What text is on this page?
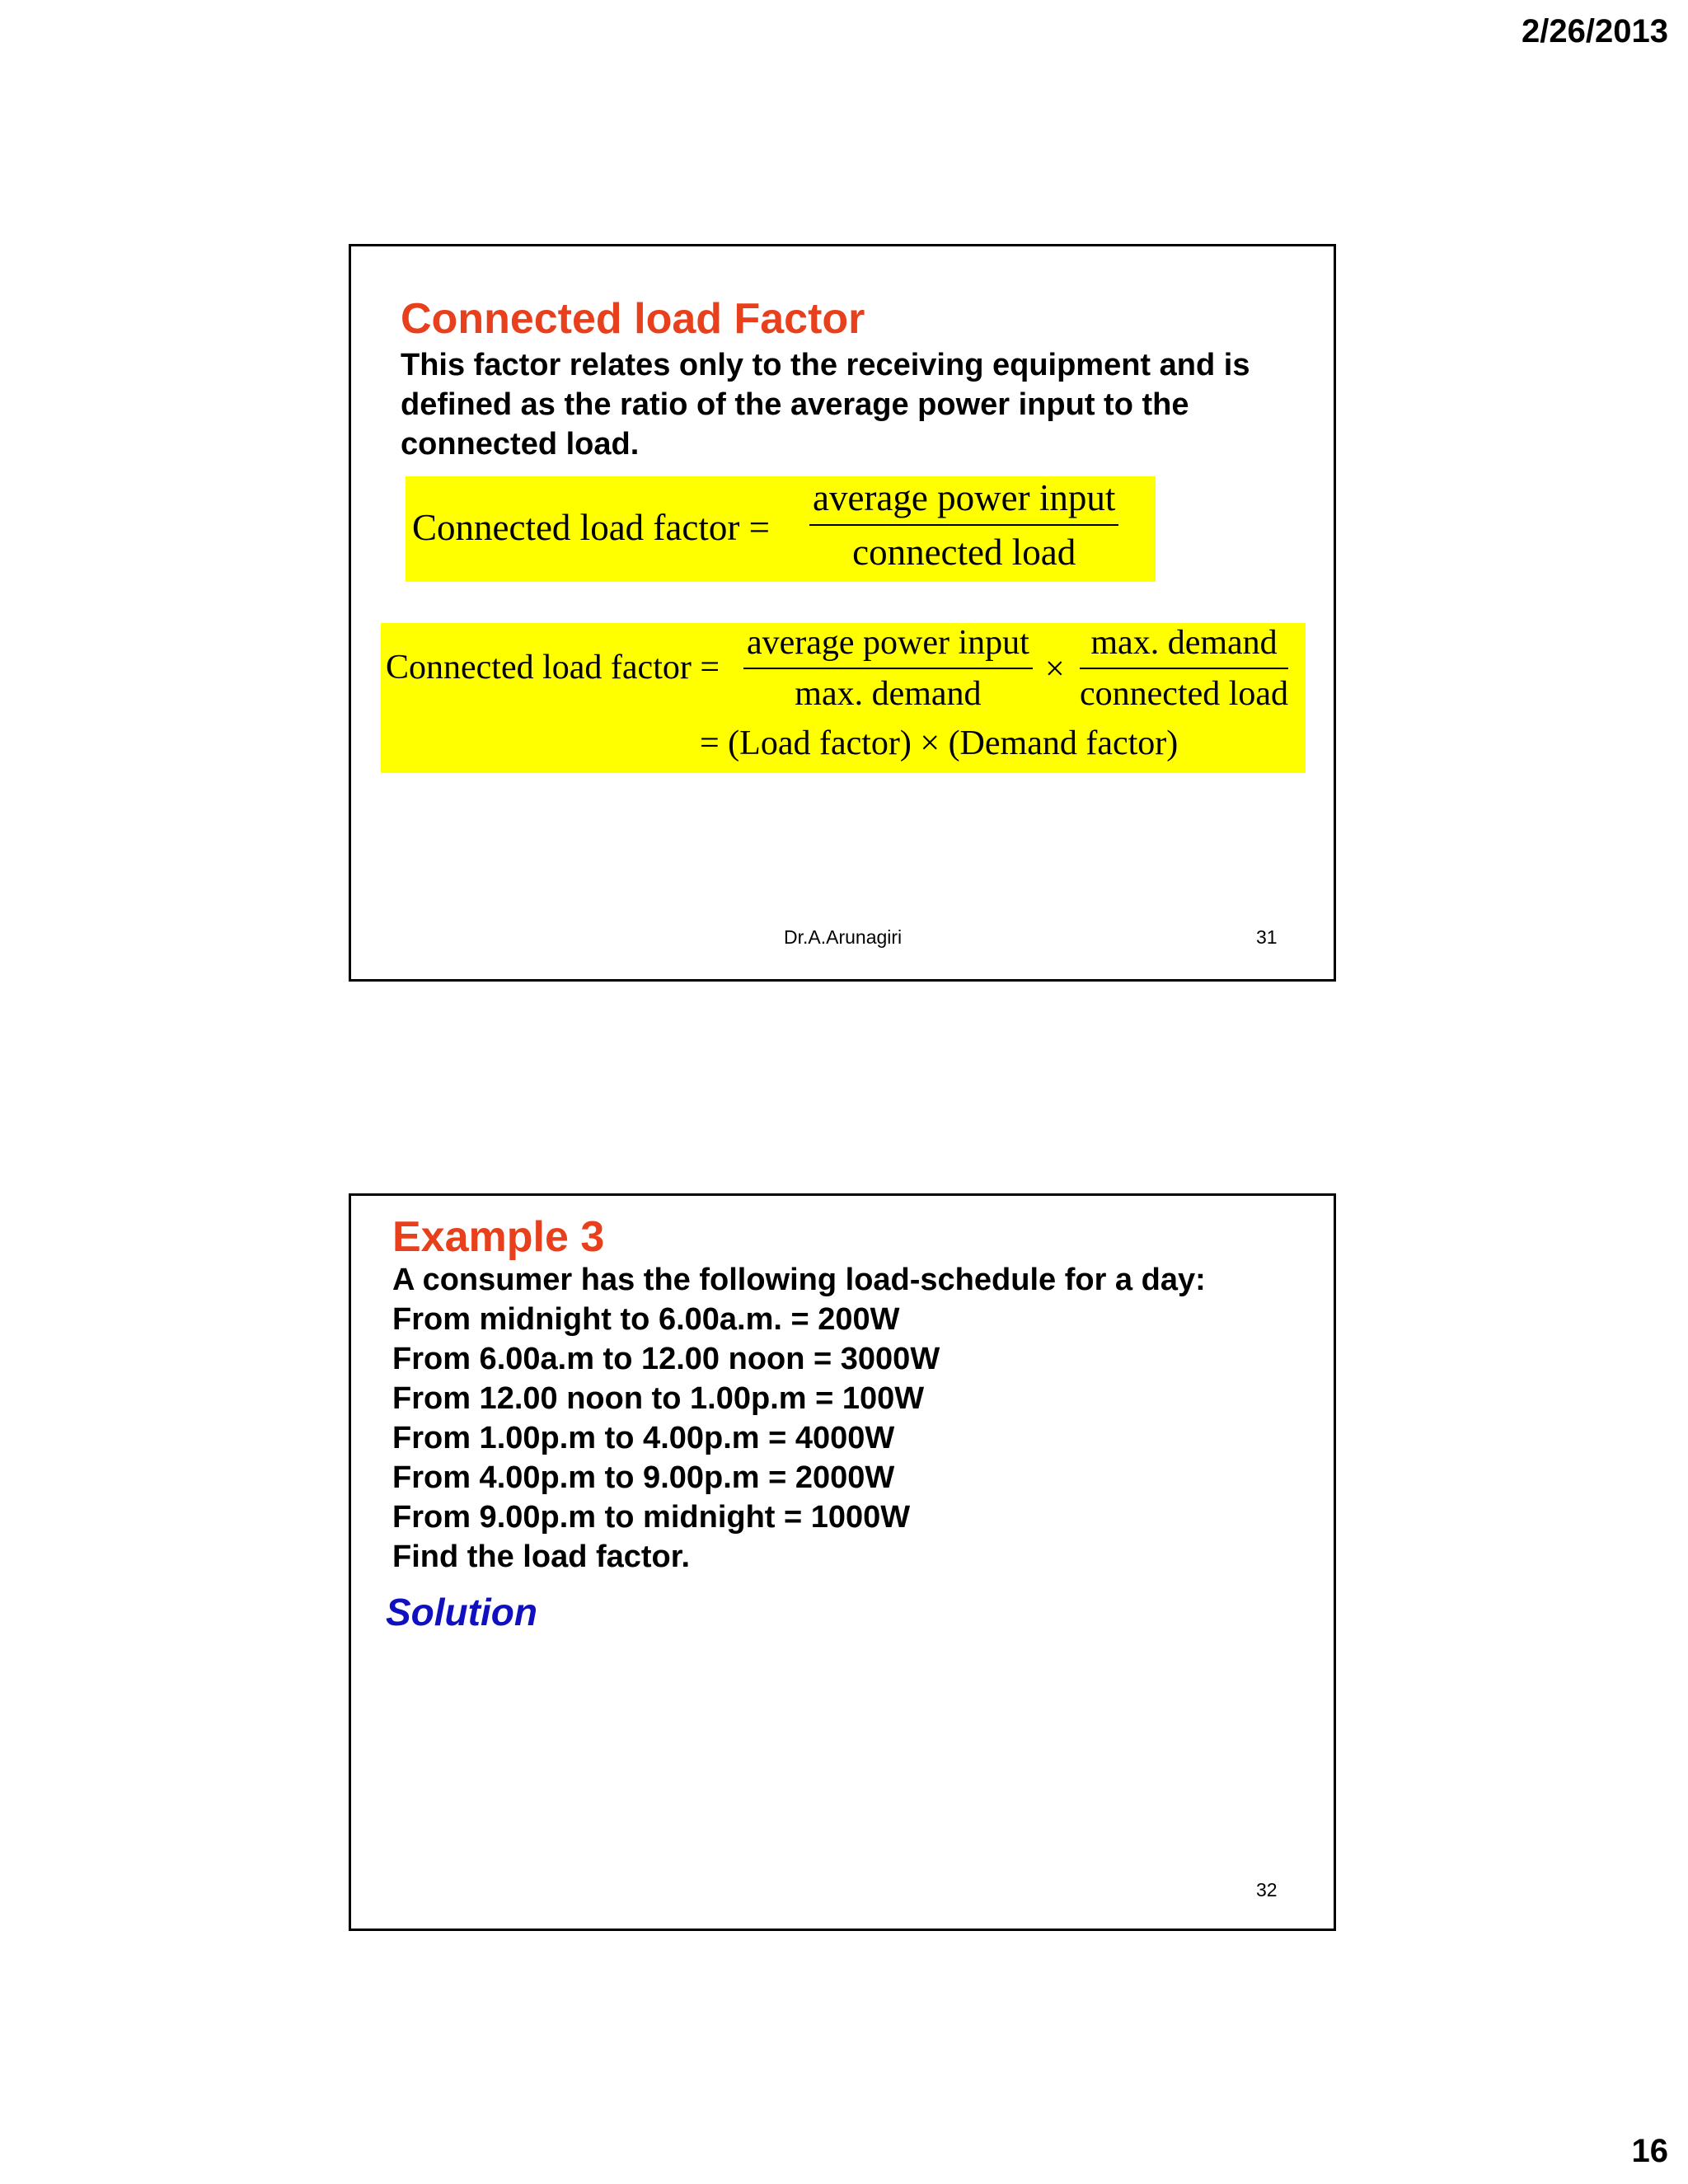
2/26/2013
Connected load Factor

This factor relates only to the receiving equipment and is defined as the ratio of the average power input to the connected load.

Connected load factor =
average power input
connected load
Connected load factor =
average power input
max. demand
×
max. demand
connected load
= (Load factor) × (Demand factor)
Dr.A.Arunagiri	31
Example 3
A consumer has the following load-schedule for a day:
From midnight to 6.00a.m. = 200W
From 6.00a.m to 12.00 noon = 3000W
From 12.00 noon to 1.00p.m = 100W
From 1.00p.m to 4.00p.m = 4000W
From 4.00p.m to 9.00p.m = 2000W
From 9.00p.m to midnight = 1000W
Find the load factor.
Solution
32
16
